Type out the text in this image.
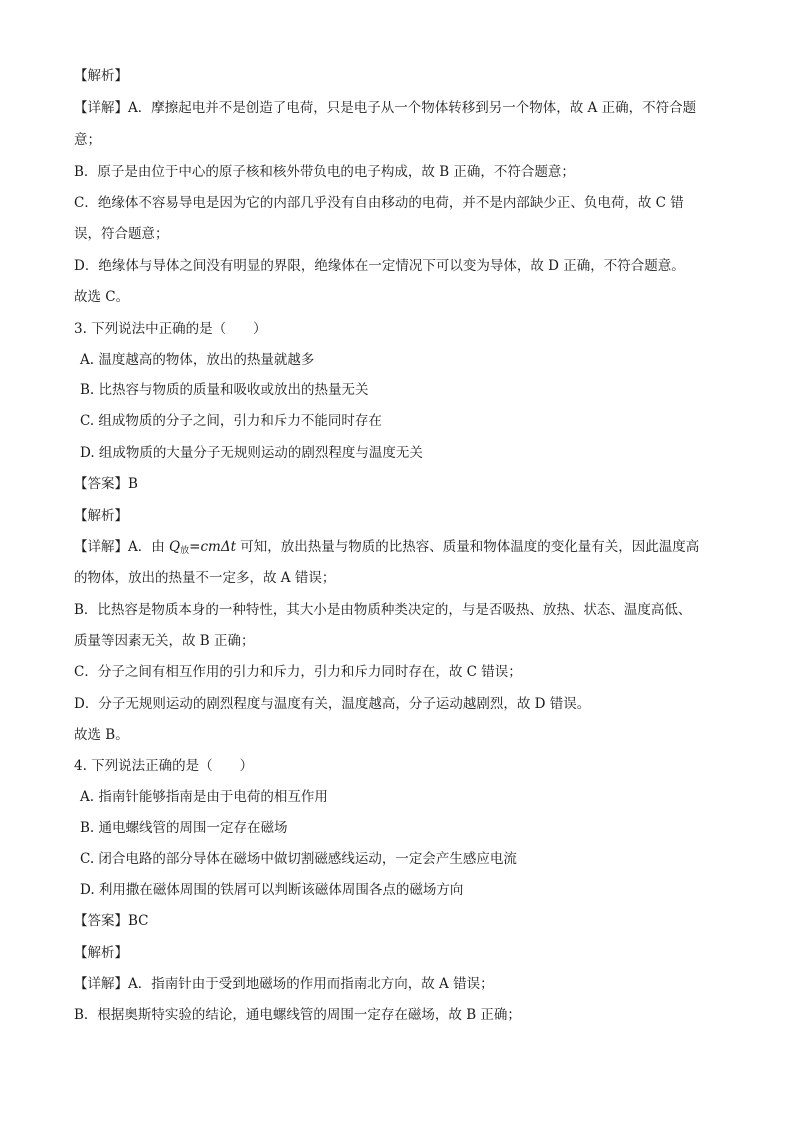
【解析】
【详解】A．摩擦起电并不是创造了电荷，只是电子从一个物体转移到另一个物体，故 A 正确，不符合题
意；
B．原子是由位于中心的原子核和核外带负电的电子构成，故 B 正确，不符合题意；
C．绝缘体不容易导电是因为它的内部几乎没有自由移动的电荷，并不是内部缺少正、负电荷，故 C 错
误，符合题意；
D．绝缘体与导体之间没有明显的界限，绝缘体在一定情况下可以变为导体，故 D 正确，不符合题意。
故选 C。
3. 下列说法中正确的是（　　）
A. 温度越高的物体，放出的热量就越多
B. 比热容与物质的质量和吸收或放出的热量无关
C. 组成物质的分子之间，引力和斥力不能同时存在
D. 组成物质的大量分子无规则运动的剧烈程度与温度无关
【答案】B
【解析】
【详解】A．由 $Q_放=cm\Delta t$ 可知，放出热量与物质的比热容、质量和物体温度的变化量有关，因此温度高
的物体，放出的热量不一定多，故 A 错误；
B．比热容是物质本身的一种特性，其大小是由物质种类决定的，与是否吸热、放热、状态、温度高低、
质量等因素无关，故 B 正确；
C．分子之间有相互作用的引力和斥力，引力和斥力同时存在，故 C 错误；
D．分子无规则运动的剧烈程度与温度有关，温度越高，分子运动越剧烈，故 D 错误。
故选 B。
4. 下列说法正确的是（　　）
A. 指南针能够指南是由于电荷的相互作用
B. 通电螺线管的周围一定存在磁场
C. 闭合电路的部分导体在磁场中做切割磁感线运动，一定会产生感应电流
D. 利用撒在磁体周围的铁屑可以判断该磁体周围各点的磁场方向
【答案】BC
【解析】
【详解】A．指南针由于受到地磁场的作用而指南北方向，故 A 错误；
B．根据奥斯特实验的结论，通电螺线管的周围一定存在磁场，故 B 正确；
